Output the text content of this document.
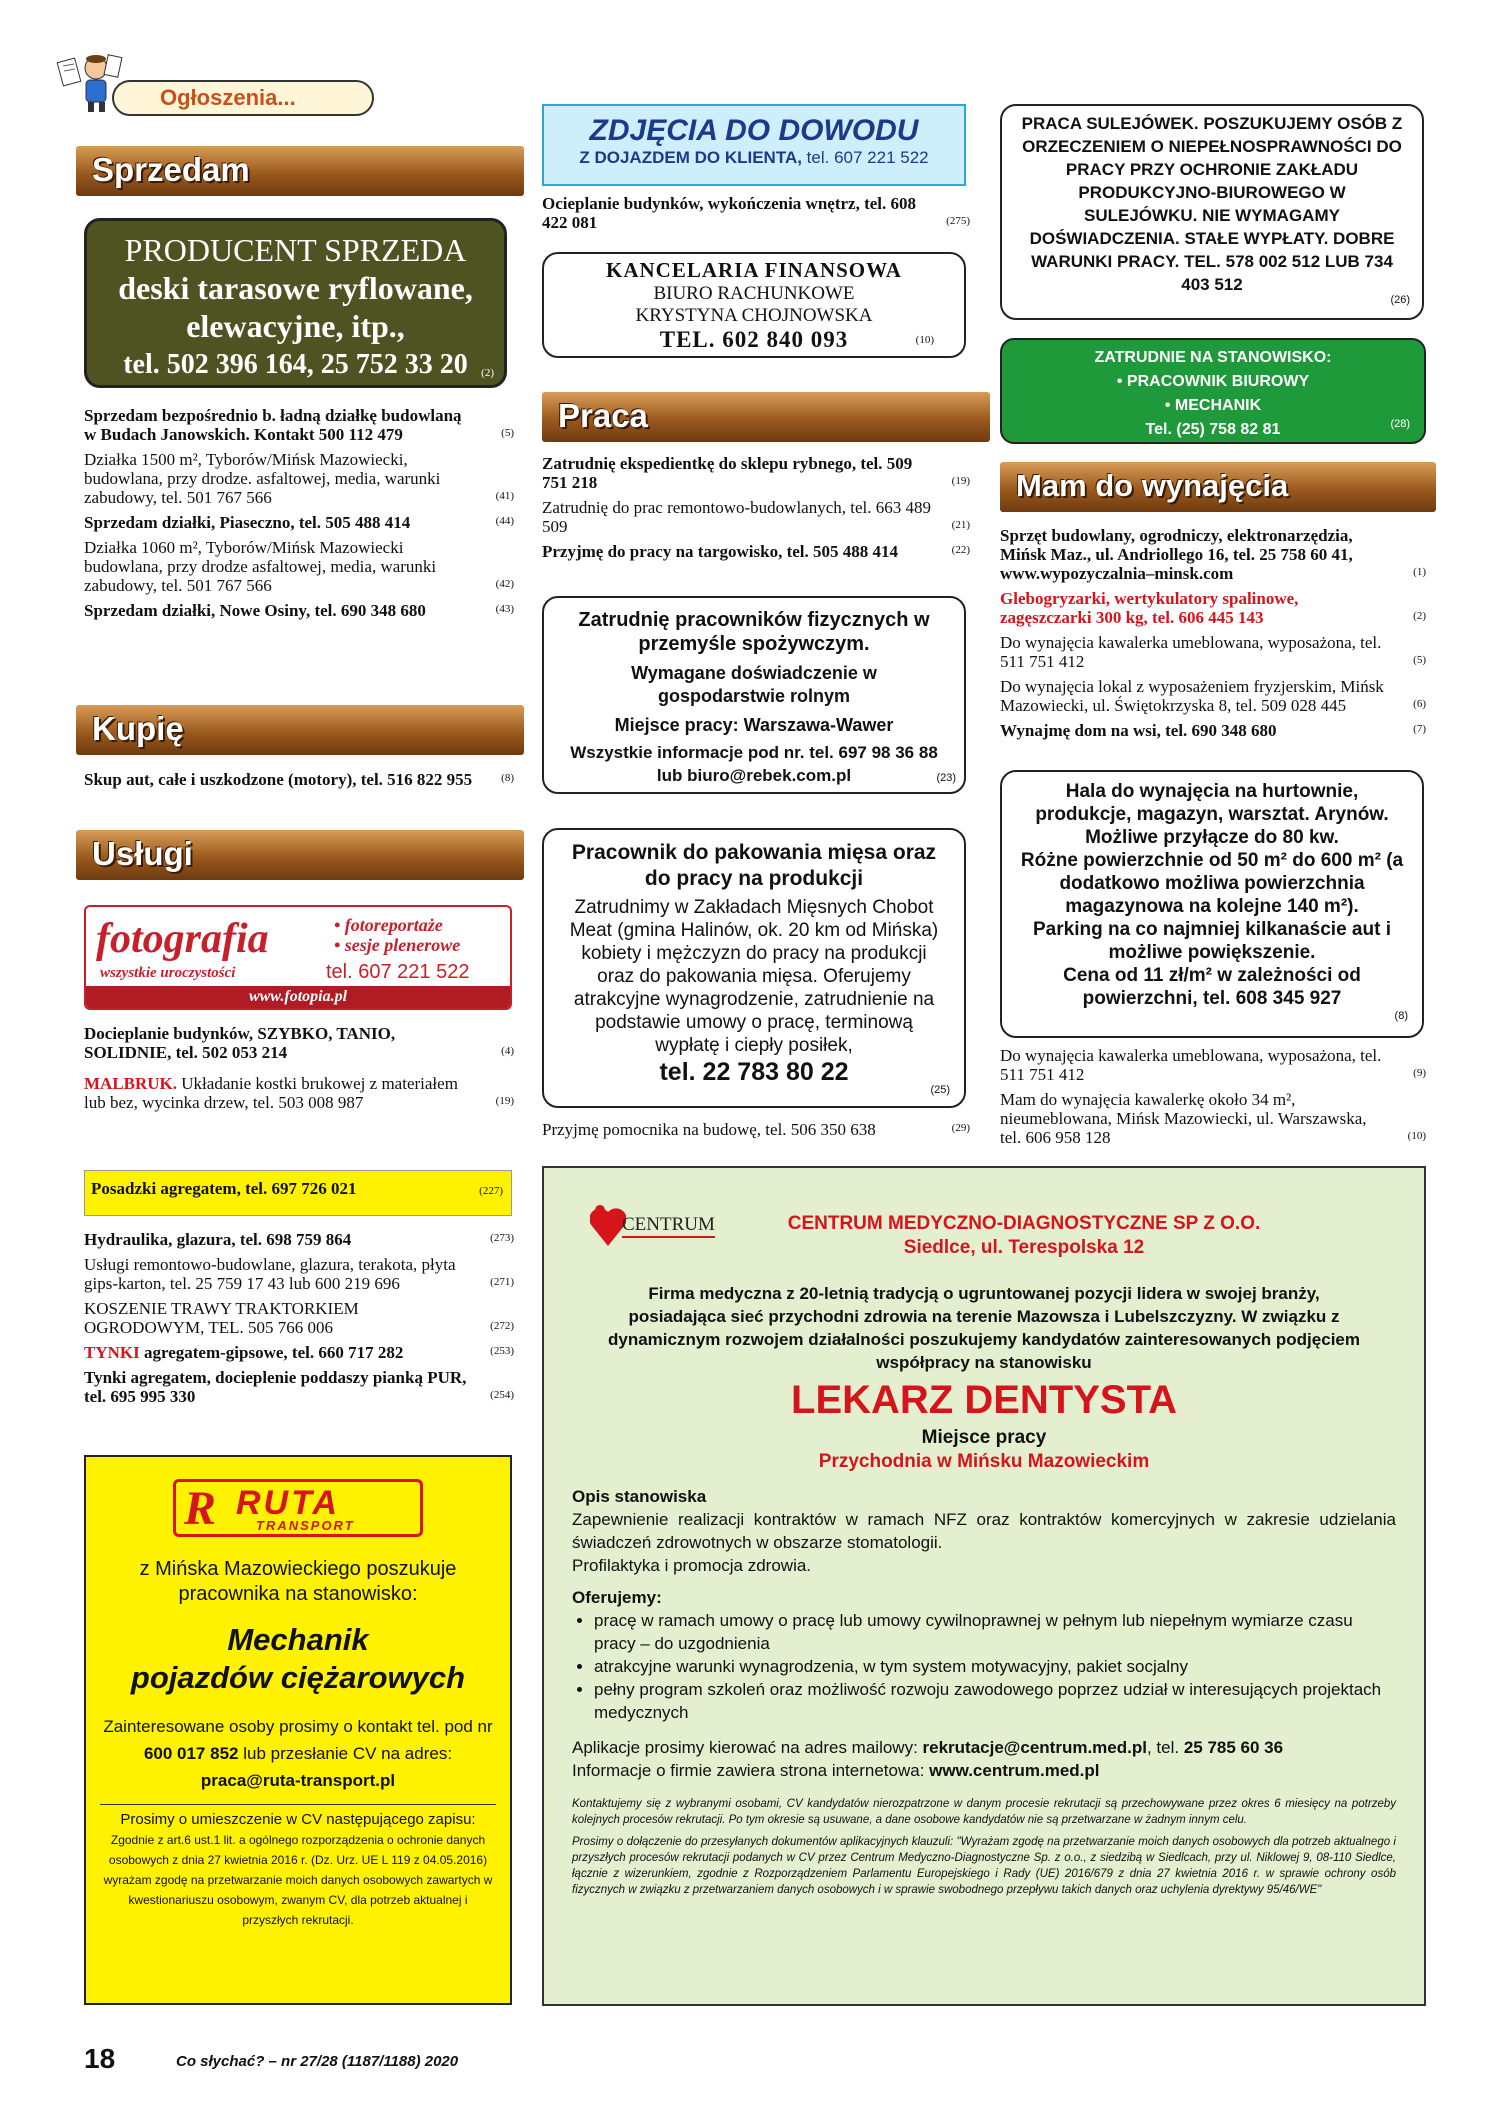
Ogłoszenia...
Sprzedam
PRODUCENT SPRZEDA
deski tarasowe ryflowane,
elewacyjne, itp.,
tel. 502 396 164, 25 752 33 20	(2)
Sprzedam bezpośrednio b. ładną działkę budowlaną w Budach Janowskich. Kontakt 500 112 479	(5)
Działka 1500 m², Tyborów/Mińsk Mazowiecki, budowlana, przy drodze. asfaltowej, media, warunki zabudowy, tel. 501 767 566	(41)
Sprzedam działki, Piaseczno, tel. 505 488 414	(44)
Działka 1060 m², Tyborów/Mińsk Mazowiecki budowlana, przy drodze asfaltowej, media, warunki zabudowy, tel. 501 767 566	(42)
Sprzedam działki, Nowe Osiny, tel. 690 348 680	(43)
Kupię
Skup aut, całe i uszkodzone (motory), tel. 516 822 955	(8)
Usługi
fotografia
wszystkie uroczystości
• fotoreportaże
• sesje plenerowe
tel. 607 221 522
www.fotopia.pl
Docieplanie budynków, SZYBKO, TANIO, SOLIDNIE, tel. 502 053 214	(4)
MALBRUK. Układanie kostki brukowej z materiałem lub bez, wycinka drzew, tel. 503 008 987	(19)
Posadzki agregatem, tel. 697 726 021	(227)
Hydraulika, glazura, tel. 698 759 864	(273)
Usługi remontowo-budowlane, glazura, terakota, płyta gips-karton, tel. 25 759 17 43 lub 600 219 696	(271)
KOSZENIE TRAWY TRAKTORKIEM OGRODOWYM, TEL. 505 766 006	(272)
TYNKI agregatem-gipsowe, tel. 660 717 282	(253)
Tynki agregatem, docieplenie poddaszy pianką PUR, tel. 695 995 330	(254)
R RUTA
TRANSPORT
z Mińska Mazowieckiego poszukuje pracownika na stanowisko:
Mechanik
pojazdów ciężarowych
Zainteresowane osoby prosimy o kontakt tel. pod nr 600 017 852 lub przesłanie CV na adres: praca@ruta-transport.pl
Prosimy o umieszczenie w CV następującego zapisu:
Zgodnie z art.6 ust.1 lit. a ogólnego rozporządzenia o ochronie danych osobowych z dnia 27 kwietnia 2016 r. (Dz. Urz. UE L 119 z 04.05.2016) wyrażam zgodę na przetwarzanie moich danych osobowych zawartych w kwestionariuszu osobowym, zwanym CV, dla potrzeb aktualnej i przyszłych rekrutacji.
ZDJĘCIA DO DOWODU
Z DOJAZDEM DO KLIENTA, tel. 607 221 522
Ocieplanie budynków, wykończenia wnętrz, tel. 608 422 081	(275)
KANCELARIA FINANSOWA
BIURO RACHUNKOWE
KRYSTYNA CHOJNOWSKA
TEL. 602 840 093	(10)
Praca
Zatrudnię ekspedientkę do sklepu rybnego, tel. 509 751 218	(19)
Zatrudnię do prac remontowo-budowlanych, tel. 663 489 509	(21)
Przyjmę do pracy na targowisko, tel. 505 488 414	(22)
Zatrudnię pracowników fizycznych w przemyśle spożywczym.
Wymagane doświadczenie w gospodarstwie rolnym
Miejsce pracy: Warszawa-Wawer
Wszystkie informacje pod nr. tel. 697 98 36 88 lub biuro@rebek.com.pl	(23)
Pracownik do pakowania mięsa oraz do pracy na produkcji
Zatrudnimy w Zakładach Mięsnych Chobot Meat (gmina Halinów, ok. 20 km od Mińska) kobiety i mężczyzn do pracy na produkcji oraz do pakowania mięsa. Oferujemy atrakcyjne wynagrodzenie, zatrudnienie na podstawie umowy o pracę, terminową wypłatę i ciepły posiłek,
tel. 22 783 80 22
(25)
Przyjmę pomocnika na budowę, tel. 506 350 638	(29)
PRACA SULEJÓWEK. POSZUKUJEMY OSÓB Z ORZECZENIEM O NIEPEŁNOSPRAWNOŚCI DO PRACY PRZY OCHRONIE ZAKŁADU PRODUKCYJNO-BIUROWEGO W SULEJÓWKU. NIE WYMAGAMY DOŚWIADCZENIA. STAŁE WYPŁATY. DOBRE WARUNKI PRACY. TEL. 578 002 512 LUB 734 403 512
(26)
ZATRUDNIE NA STANOWISKO:
• PRACOWNIK BIUROWY
• MECHANIK
Tel. (25) 758 82 81	(28)
Mam do wynajęcia
Sprzęt budowlany, ogrodniczy, elektronarzędzia, Mińsk Maz., ul. Andriollego 16, tel. 25 758 60 41, www.wypozyczalnia–minsk.com	(1)
Glebogryzarki, wertykulatory spalinowe, zagęszczarki 300 kg, tel. 606 445 143	(2)
Do wynajęcia kawalerka umeblowana, wyposażona, tel. 511 751 412	(5)
Do wynajęcia lokal z wyposażeniem fryzjerskim, Mińsk Mazowiecki, ul. Świętokrzyska 8, tel. 509 028 445	(6)
Wynajmę dom na wsi, tel. 690 348 680	(7)
Hala do wynajęcia na hurtownie, produkcje, magazyn, warsztat. Arynów. Możliwe przyłącze do 80 kw.
Różne powierzchnie od 50 m² do 600 m² (a dodatkowo możliwa powierzchnia magazynowa na kolejne 140 m²).
Parking na co najmniej kilkanaście aut i możliwe powiększenie.
Cena od 11 zł/m² w zależności od powierzchni, tel. 608 345 927
(8)
Do wynajęcia kawalerka umeblowana, wyposażona, tel. 511 751 412	(9)
Mam do wynajęcia kawalerkę około 34 m², nieumeblowana, Mińsk Mazowiecki, ul. Warszawska, tel. 606 958 128	(10)
CENTRUM	CENTRUM MEDYCZNO-DIAGNOSTYCZNE SP Z O.O.
Siedlce, ul. Terespolska 12
Firma medyczna z 20-letnią tradycją o ugruntowanej pozycji lidera w swojej branży, posiadająca sieć przychodni zdrowia na terenie Mazowsza i Lubelszczyzny. W związku z dynamicznym rozwojem działalności poszukujemy kandydatów zainteresowanych podjęciem współpracy na stanowisku
LEKARZ DENTYSTA
Miejsce pracy
Przychodnia w Mińsku Mazowieckim
Opis stanowiska
Zapewnienie realizacji kontraktów w ramach NFZ oraz kontraktów komercyjnych w zakresie udzielania świadczeń zdrowotnych w obszarze stomatologii.
Profilaktyka i promocja zdrowia.
Oferujemy:
• pracę w ramach umowy o pracę lub umowy cywilnoprawnej w pełnym lub niepełnym wymiarze czasu pracy – do uzgodnienia
• atrakcyjne warunki wynagrodzenia, w tym system motywacyjny, pakiet socjalny
• pełny program szkoleń oraz możliwość rozwoju zawodowego poprzez udział w interesujących projektach medycznych
Aplikacje prosimy kierować na adres mailowy: rekrutacje@centrum.med.pl, tel. 25 785 60 36
Informacje o firmie zawiera strona internetowa: www.centrum.med.pl
Kontaktujemy się z wybranymi osobami, CV kandydatów nierozpatrzone w danym procesie rekrutacji są przechowywane przez okres 6 miesięcy na potrzeby kolejnych procesów rekrutacji. Po tym okresie są usuwane, a dane osobowe kandydatów nie są przetwarzane w żadnym innym celu.
Prosimy o dołączenie do przesyłanych dokumentów aplikacyjnych klauzuli: "Wyrażam zgodę na przetwarzanie moich danych osobowych dla potrzeb aktualnego i przyszłych procesów rekrutacji podanych w CV przez Centrum Medyczno-Diagnostyczne Sp. z o.o., z siedzibą w Siedlcach, przy ul. Niklowej 9, 08-110 Siedlce, łącznie z wizerunkiem, zgodnie z Rozporządzeniem Parlamentu Europejskiego i Rady (UE) 2016/679 z dnia 27 kwietnia 2016 r. w sprawie ochrony osób fizycznych w związku z przetwarzaniem danych osobowych i w sprawie swobodnego przepływu takich danych oraz uchylenia dyrektywy 95/46/WE"
18	Co słychać? – nr 27/28 (1187/1188) 2020
